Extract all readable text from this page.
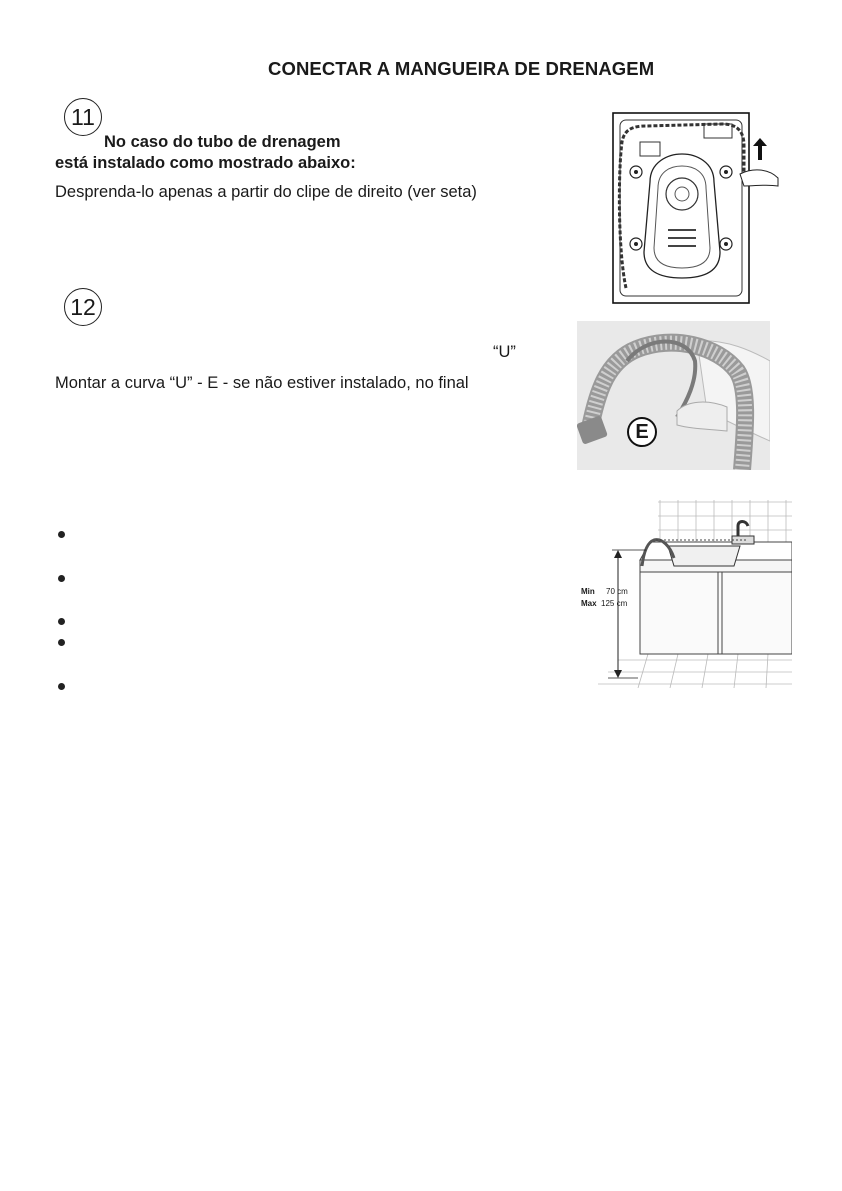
CONECTAR A MANGUEIRA DE DRENAGEM
11
No caso do tubo de drenagem
está instalado como mostrado abaixo:
Desprenda-lo apenas a partir do clipe de direito (ver seta)
12
“U”
Montar a curva “U” - E - se não estiver instalado, no final
E
Min 70 cm
Max 125 cm
